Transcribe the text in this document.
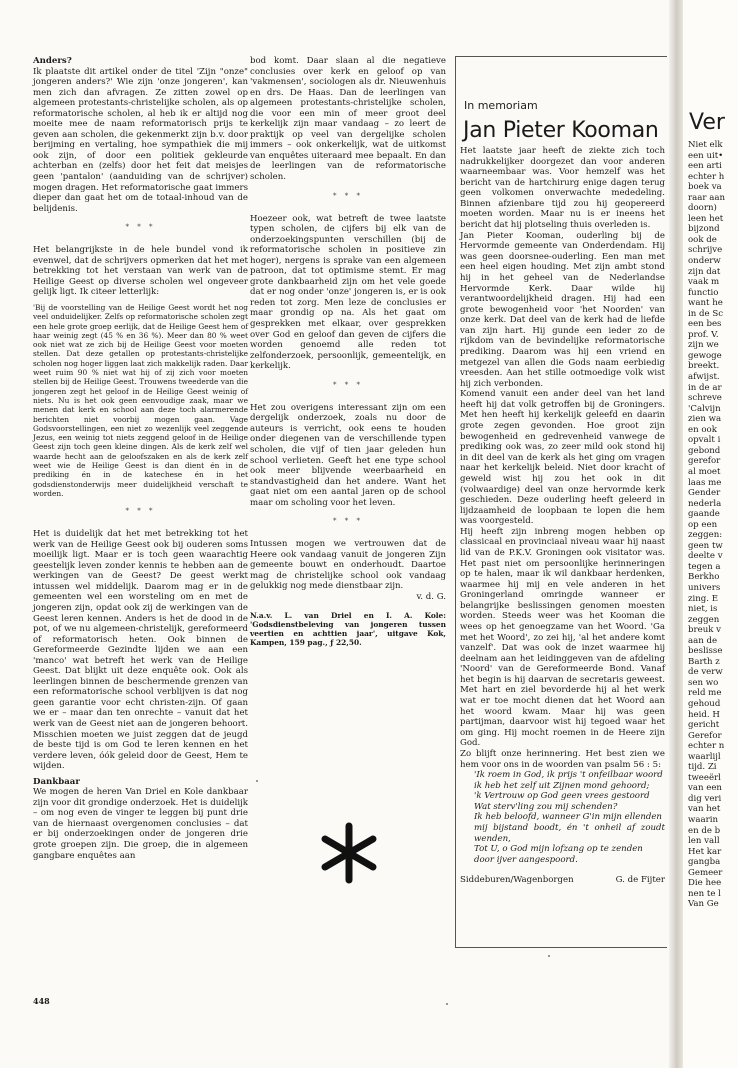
Anders?

Ik plaatste dit artikel onder de titel 'Zijn "onze" jongeren anders?' Wie zijn 'onze jongeren', kan men zich dan afvragen. Ze zitten zowel op algemeen protestants-christelijke scholen, als op reformatorische scholen, al heb ik er altijd nog moeite mee de naam reformatorisch prijs te geven aan scholen, die gekenmerkt zijn b.v. door berijming en vertaling, hoe sympathiek die mij ook zijn, of door een politiek gekleurde achterban en (zelfs) door het feit dat meisjes geen 'pantalon' (aanduiding van de schrijver) mogen dragen. Het reformatorische gaat immers dieper dan gaat het om de totaal-inhoud van de belijdenis.

* * *

Het belangrijkste in de hele bundel vond ik evenwel, dat de schrijvers opmerken dat het met betrekking tot het verstaan van werk van de Heilige Geest op diverse scholen wel ongeveer gelijk ligt. Ik citeer letterlijk:

'Bij de voorstelling van de Heilige Geest wordt het nog veel onduidelijker. Zelfs op reformatorische scholen zegt een hele grote groep eerlijk, dat de Heilige Geest hem of haar weinig zegt (45 % en 36 %). Meer dan 80 % weet ook niet wat ze zich bij de Heilige Geest voor moeten stellen. Dat deze getallen op protestants-christelijke scholen nog hoger liggen laat zich makkelijk raden. Daar weet ruim 90 % niet wat hij of zij zich voor moeten stellen bij de Heilige Geest. Trouwens tweederde van die jongeren zegt het geloof in de Heilige Geest weinig of niets. Nu is het ook geen eenvoudige zaak, maar we menen dat kerk en school aan deze toch alarmerende berichten niet voorbij mogen gaan. Vage Godsvoorstellingen, een niet zo wezenlijk veel zeggende Jezus, een weinig tot niets zeggend geloof in de Heilige Geest zijn toch geen kleine dingen. Als de kerk zelf wel waarde hecht aan de geloofszaken en als de kerk zelf weet wie de Heilige Geest is dan dient én in de prediking én in de katechese én in het godsdienstonderwijs meer duidelijkheid verschaft te worden.

* * *

Het is duidelijk dat het met betrekking tot het werk van de Heilige Geest ook bij ouderen soms moeilijk ligt. Maar er is toch geen waarachtig geestelijk leven zonder kennis te hebben aan de werkingen van de Geest? De geest werkt intussen wel middelijk. Daarom mag er in de gemeenten wel een worsteling om en met de jongeren zijn, opdat ook zij de werkingen van de Geest leren kennen. Anders is het de dood in de pot, of we nu algemeen-christelijk, gereformeerd of reformatorisch heten. Ook binnen de Gereformeerde Gezindte lijden we aan een 'manco' wat betreft het werk van de Heilige Geest. Dat blijkt uit deze enquête ook. Ook als leerlingen binnen de beschermende grenzen van een reformatorische school verblijven is dat nog geen garantie voor echt christen-zijn. Of gaan we er – maar dan ten onrechte – vanuit dat het werk van de Geest niet aan de jongeren behoort. Misschien moeten we juist zeggen dat de jeugd de beste tijd is om God te leren kennen en het verdere leven, óók geleid door de Geest, Hem te wijden.

Dankbaar

We mogen de heren Van Driel en Kole dankbaar zijn voor dit grondige onderzoek. Het is duidelijk – om nog even de vinger te leggen bij punt drie van de hiernaast overgenomen conclusies – dat er bij onderzoekingen onder de jongeren drie grote groepen zijn. Die groep, die in algemeen gangbare enquêtes aan

bod komt. Daar slaan al die negatieve conclusies over kerk en geloof op van 'vakmensen', sociologen als dr. Nieuwenhuis en drs. De Haas. Dan de leerlingen van algemeen protestants-christelijke scholen, die voor een min of meer groot deel kerkelijk zijn maar vandaag – zo leert de praktijk op veel van dergelijke scholen immers – ook onkerkelijk, wat de uitkomst van enquêtes uiteraard mee bepaalt. En dan de leerlingen van de reformatorische scholen.

* * *

Hoezeer ook, wat betreft de twee laatste typen scholen, de cijfers bij elk van de onderzoekingspunten verschillen (bij de reformatorische scholen in positieve zin hoger), nergens is sprake van een algemeen patroon, dat tot optimisme stemt. Er mag grote dankbaarheid zijn om het vele goede dat er nog onder 'onze' jongeren is, er is ook reden tot zorg. Men leze de conclusies er maar grondig op na. Als het gaat om gesprekken met elkaar, over gesprekken over God en geloof dan geven de cijfers die worden genoemd alle reden tot zelfonderzoek, persoonlijk, gemeentelijk, en kerkelijk.

* * *

Het zou overigens interessant zijn om een dergelijk onderzoek, zoals nu door de auteurs is verricht, ook eens te houden onder diegenen van de verschillende typen scholen, die vijf of tien jaar geleden hun school verlieten. Geeft het ene type school ook meer blijvende weerbaarheid en standvastigheid dan het andere. Want het gaat niet om een aantal jaren op de school maar om scholing voor het leven.

* * *

Intussen mogen we vertrouwen dat de Heere ook vandaag vanuit de jongeren Zijn gemeente bouwt en onderhoudt. Daartoe mag de christelijke school ook vandaag gelukkig nog mede dienstbaar zijn.

v. d. G.

N.a.v. L. van Driel en I. A. Kole: 'Godsdienstbeleving van jongeren tussen veertien en achttien jaar', uitgave Kok, Kampen, 159 pag., ƒ 22,50.

In memoriam
Jan Pieter Kooman

Het laatste jaar heeft de ziekte zich toch nadrukkelijker doorgezet dan voor anderen waarneembaar was. Voor hemzelf was het bericht van de hartchirurg enige dagen terug geen volkomen onverwachte mededeling. Binnen afzienbare tijd zou hij geopereerd moeten worden. Maar nu is er ineens het bericht dat hij plotseling thuis overleden is.

Jan Pieter Kooman, ouderling bij de Hervormde gemeente van Onderdendam. Hij was geen doorsnee-ouderling. Een man met een heel eigen houding. Met zijn ambt stond hij in het geheel van de Nederlandse Hervormde Kerk. Daar wilde hij verantwoordelijkheid dragen. Hij had een grote bewogenheid voor 'het Noorden' van onze kerk. Dat deel van de kerk had de liefde van zijn hart. Hij gunde een ieder zo de rijkdom van de bevindelijke reformatorische prediking. Daarom was hij een vriend en metgezel van allen die Gods naam eerbiedig vreesden. Aan het stille ootmoedige volk wist hij zich verbonden.

Komend vanuit een ander deel van het land heeft hij dat volk getroffen bij de Groningers. Met hen heeft hij kerkelijk geleefd en daarin grote zegen gevonden. Hoe groot zijn bewogenheid en gedrevenheid vanwege de prediking ook was, zo zeer mild ook stond hij in dit deel van de kerk als het ging om vragen naar het kerkelijk beleid. Niet door kracht of geweld wist hij zou het ook in dit (volwaardige) deel van onze hervormde kerk geschieden. Deze ouderling heeft geleerd in lijdzaamheid de loopbaan te lopen die hem was voorgesteld.

Hij heeft zijn inbreng mogen hebben op classicaal en provinciaal niveau waar hij naast lid van de P.K.V. Groningen ook visitator was. Het past niet om persoonlijke herinneringen op te halen, maar ik wil dankbaar herdenken, waarmee hij mij en vele anderen in het Groningerland omringde wanneer er belangrijke beslissingen genomen moesten worden. Steeds weer was het Kooman die wees op het genoegzame van het Woord. 'Ga met het Woord', zo zei hij, 'al het andere komt vanzelf'. Dat was ook de inzet waarmee hij deelnam aan het leidinggeven van de afdeling 'Noord' van de Gereformeerde Bond. Vanaf het begin is hij daarvan de secretaris geweest. Met hart en ziel bevorderde hij al het werk wat er toe mocht dienen dat het Woord aan het woord kwam. Maar hij was geen partijman, daarvoor wist hij tegoed waar het om ging. Hij mocht roemen in de Heere zijn God.

Zo blijft onze herinnering. Het best zien we hem voor ons in de woorden van psalm 56 : 5:

'Ik roem in God, ik prijs 't onfeilbaar woord
ik heb het zelf uit Zijnen mond gehoord;
'k Vertrouw op God geen vrees gestoord
Wat sterv'ling zou mij schenden?
Ik heb beloofd, wanneer G'in mijn ellenden
mij bijstand boodt, én 't onheil af zoudt wenden,
Tot U, o God mijn lofzang op te zenden
door ijver aangespoord.
Siddeburen/Wagenborgen	G. de Fijter
448
Ver
Niet elk
een uit•
een arti
echter h
boek va
raar aan
doorn)
leen het
bijzond
ook de
schrijve
onderw
zijn dat
vaak m
functio
want he
in de Sc
een bes
prof. V.
zijn we
gewoge
breekt.
afwijst.
in de ar
schreve
'Calvijn
zien wa
en ook
opvalt i
gebond
gerefor
al moet
laas me
Gender
nederla
gaande
op een
zeggen:
geen tw
deelte v
tegen a
Berkho
univers
zing. E
niet, is
zeggen
breuk v
aan de
beslisse
Barth z
de verw
sen wo
reld me
gehoud
heid. H
gericht
Gerefor
echter n
waarlijl
tijd. Zi
tweeërl
van een
dig veri
van het
waarin
en de b
len vall
Het kar
gangba
Gemeer
Die hee
nen te l
Van Ge
